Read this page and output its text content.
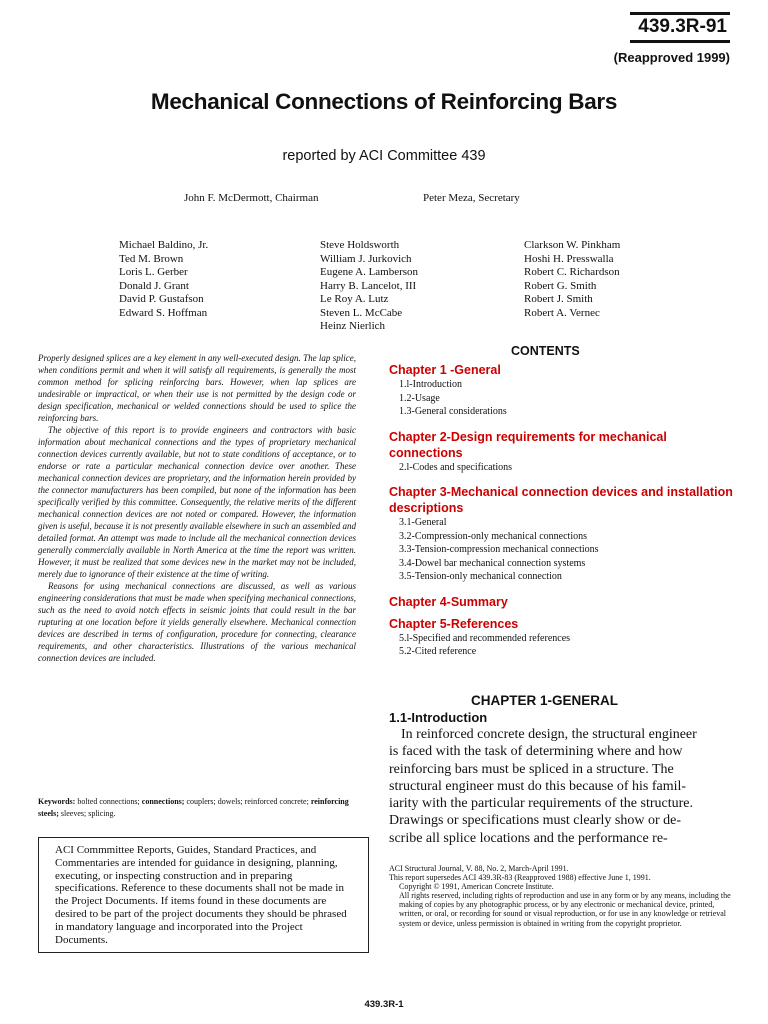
439.3R-91
(Reapproved 1999)
Mechanical Connections of Reinforcing Bars
reported by ACI Committee 439
John F. McDermott, Chairman	Peter Meza, Secretary
Michael Baldino, Jr.
Ted M. Brown
Loris L. Gerber
Donald J. Grant
David P. Gustafson
Edward S. Hoffman
Steve Holdsworth
William J. Jurkovich
Eugene A. Lamberson
Harry B. Lancelot, III
Le Roy A. Lutz
Steven L. McCabe
Heinz Nierlich
Clarkson W. Pinkham
Hoshi H. Presswalla
Robert C. Richardson
Robert G. Smith
Robert J. Smith
Robert A. Vernec

Properly designed splices are a key element in any well-executed design. The lap splice, when conditions permit and when it will satisfy all requirements, is generally the most common method for splicing reinforcing bars. However, when lap splices are undesirable or impractical, or when their use is not permitted by the design code or design specification, mechanical or welded connections should be used to splice the reinforcing bars.

The objective of this report is to provide engineers and contractors with basic information about mechanical connections and the types of proprietary mechanical connection devices currently available, but not to state conditions of acceptance, or to endorse or rate a particular mechanical connection device over another. These mechanical connection devices are proprietary, and the information herein provided by the connector manufacturers has been compiled, but none of the information has been specifically verified by this committee. Consequently, the relative merits of the different mechanical connection devices are not noted or compared. However, the information given is useful, because it is not presently available elsewhere in such an assembled and detailed format. An attempt was made to include all the mechanical connection devices generally commercially available in North America at the time the report was written. However, it must be realized that some devices new in the market may not be included, merely due to ignorance of their existence at the time of writing.

Reasons for using mechanical connections are discussed, as well as various engineering considerations that must be made when specifying mechanical connections, such as the need to avoid notch effects in seismic joints that could result in the bar rupturing at one location before it yields generally elsewhere. Mechanical connection devices are described in terms of configuration, procedure for connecting, clearance requirements, and other characteristics. Illustrations of the various mechanical connection devices are included.

Keywords: bolted connections; connections; couplers; dowels; reinforced concrete; reinforcing steels; sleeves; splicing.
ACI Commmittee Reports, Guides, Standard Practices, and Commentaries are intended for guidance in designing, planning, executing, or inspecting construction and in preparing specifications. Reference to these documents shall not be made in the Project Documents. If items found in these documents are desired to be part of the project documents they should be phrased in mandatory language and incorporated into the Project Documents.
CONTENTS
Chapter 1 -General
1.l-Introduction
1.2-Usage
1.3-General considerations
Chapter 2-Design requirements for mechanical connections
2.l-Codes and specifications
Chapter 3-Mechanical connection devices and installation descriptions
3.1-General
3.2-Compression-only mechanical connections
3.3-Tension-compression mechanical connections
3.4-Dowel bar mechanical connection systems
3.5-Tension-only mechanical connection
Chapter 4-Summary
Chapter 5-References
5.l-Specified and recommended references
5.2-Cited reference
CHAPTER 1-GENERAL
1.1-Introduction
In reinforced concrete design, the structural engineer
is faced with the task of determining where and how
reinforcing bars must be spliced in a structure. The
structural engineer must do this because of his famil-
iarity with the particular requirements of the structure.
Drawings or specifications must clearly show or de-
scribe all splice locations and the performance re-
ACI Structural Journal, V. 88, No. 2, March-April 1991.
This report supersedes ACI 439.3R-83 (Reapproved 1988) effective June 1, 1991.
Copyright © 1991, American Concrete Institute.
All rights reserved, including rights of reproduction and use in any form or by any means, including the making of copies by any photographic process, or by any electronic or mechanical device, printed, written, or oral, or recording for sound or visual reproduction, or for use in any knowledge or retrieval system or device, unless permission is obtained in writing from the copyright proprietor.
439.3R-1
